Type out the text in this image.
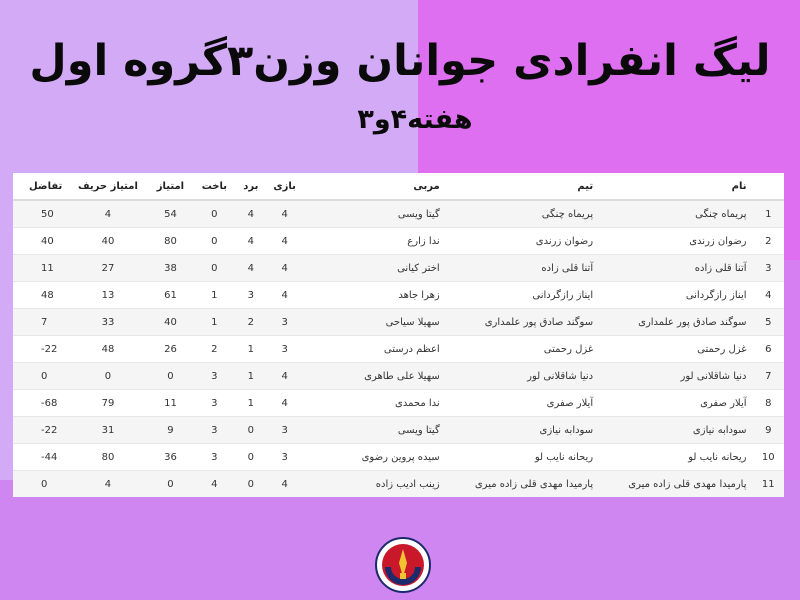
لیگ انفرادی جوانان وزن۳گروه اول
هفته۴و۳
	نام	تیم	مربی	بازی	برد	باخت	امتیاز	امتیاز حریف	تفاضل
1	پریماه چنگی	پریماه چنگی	گیتا ویسی	4	4	0	54	4	50
2	رضوان زرندی	رضوان زرندی	ندا زارع	4	4	0	80	40	40
3	آتنا قلی زاده	آتنا قلی زاده	اختر کیانی	4	4	0	38	27	11
4	ایناز رازگردانی	ایناز رازگردانی	زهرا جاهد	4	3	1	61	13	48
5	سوگند صادق پور علمداری	سوگند صادق پور علمداری	سهیلا سیاحی	3	2	1	40	33	7
6	غزل رحمتی	غزل رحمتی	اعظم درستی	3	1	2	26	48	-22
7	دنیا شاقلانی لور	دنیا شاقلانی لور	سهیلا علی طاهری	4	1	3	0	0	0
8	آیلار صفری	آیلار صفری	ندا محمدی	4	1	3	11	79	-68
9	سودابه نیازی	سودابه نیازی	گیتا ویسی	3	0	3	9	31	-22
10	ریحانه نایب لو	ریحانه نایب لو	سیده پروین رضوی	3	0	3	36	80	-44
11	پارمیدا مهدی قلی زاده میری	پارمیدا مهدی قلی زاده میری	زینب ادیب زاده	4	0	4	0	4	0
